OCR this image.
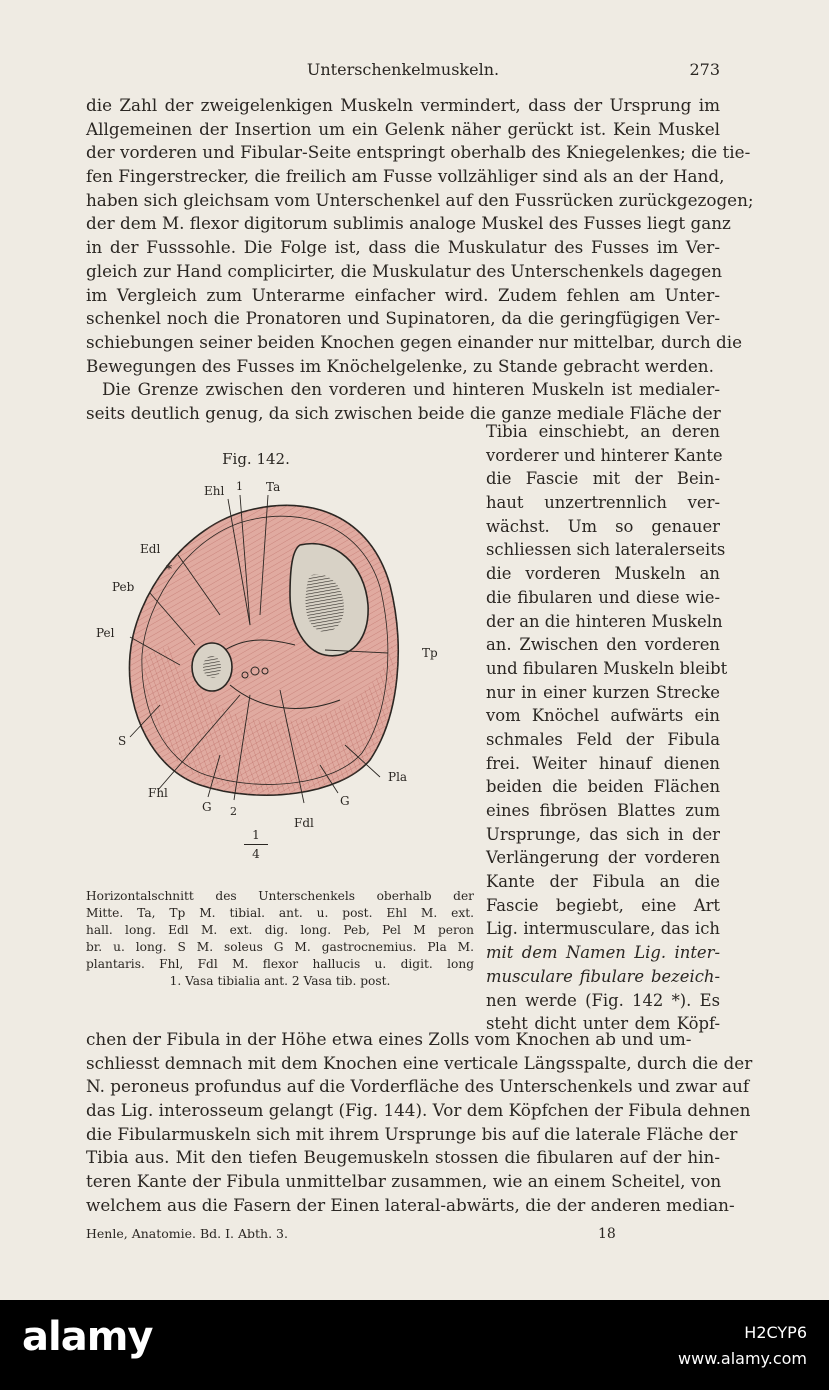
Unterschenkelmuskeln.	273
die Zahl der zweigelenkigen Muskeln vermindert, dass der Ursprung im
Allgemeinen der Insertion um ein Gelenk näher gerückt ist. Kein Muskel
der vorderen und Fibular-Seite entspringt oberhalb des Kniegelenkes; die tie-
fen Fingerstrecker, die freilich am Fusse vollzähliger sind als an der Hand,
haben sich gleichsam vom Unterschenkel auf den Fussrücken zurückgezogen;
der dem M. flexor digitorum sublimis analoge Muskel des Fusses liegt ganz
in der Fusssohle. Die Folge ist, dass die Muskulatur des Fusses im Ver-
gleich zur Hand complicirter, die Muskulatur des Unterschenkels dagegen
im Vergleich zum Unterarme einfacher wird. Zudem fehlen am Unter-
schenkel noch die Pronatoren und Supinatoren, da die geringfügigen Ver-
schiebungen seiner beiden Knochen gegen einander nur mittelbar, durch die
Bewegungen des Fusses im Knöchelgelenke, zu Stande gebracht werden.
Die Grenze zwischen den vorderen und hinteren Muskeln ist medialer-
seits deutlich genug, da sich zwischen beide die ganze mediale Fläche der
Fig. 142.
Ehl 1 Ta
Edl
*
Peb
Pel
Tp
S
Fhl
G 2
G
Pla
Fdl
1
4
Horizontalschnitt des Unterschenkels oberhalb der
Mitte. Ta, Tp M. tibial. ant. u. post. Ehl M. ext.
hall. long. Edl M. ext. dig. long. Peb, Pel M peron
br. u. long. S M. soleus G M. gastrocnemius. Pla M.
plantaris. Fhl, Fdl M. flexor hallucis u. digit. long
1. Vasa tibialia ant. 2 Vasa tib. post.
Tibia einschiebt, an deren
vorderer und hinterer Kante
die Fascie mit der Bein-
haut unzertrennlich ver-
wächst. Um so genauer
schliessen sich lateralerseits
die vorderen Muskeln an
die fibularen und diese wie-
der an die hinteren Muskeln
an. Zwischen den vorderen
und fibularen Muskeln bleibt
nur in einer kurzen Strecke
vom Knöchel aufwärts ein
schmales Feld der Fibula
frei. Weiter hinauf dienen
beiden die beiden Flächen
eines fibrösen Blattes zum
Ursprunge, das sich in der
Verlängerung der vorderen
Kante der Fibula an die
Fascie begiebt, eine Art
Lig. intermusculare, das ich
mit dem Namen Lig. inter-
musculare fibulare bezeich-
nen werde (Fig. 142 *). Es
steht dicht unter dem Köpf-
chen der Fibula in der Höhe etwa eines Zolls vom Knochen ab und um-
schliesst demnach mit dem Knochen eine verticale Längsspalte, durch die der
N. peroneus profundus auf die Vorderfläche des Unterschenkels und zwar auf
das Lig. interosseum gelangt (Fig. 144). Vor dem Köpfchen der Fibula dehnen
die Fibularmuskeln sich mit ihrem Ursprunge bis auf die laterale Fläche der
Tibia aus. Mit den tiefen Beugemuskeln stossen die fibularen auf der hin-
teren Kante der Fibula unmittelbar zusammen, wie an einem Scheitel, von
welchem aus die Fasern der Einen lateral-abwärts, die der anderen median-
Henle, Anatomie. Bd. I. Abth. 3.	18
alamy	H2CYP6
www.alamy.com
